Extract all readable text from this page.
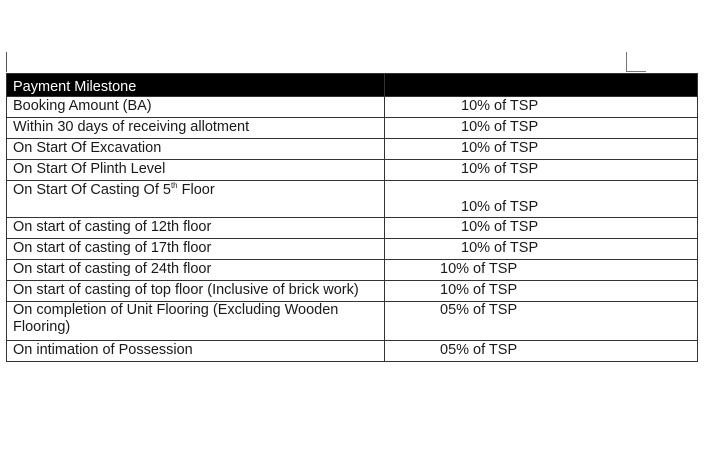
Payment Milestone	
Booking Amount (BA)	10% of TSP
Within 30 days of receiving allotment	10% of TSP
On Start Of Excavation	10% of TSP
On Start Of Plinth Level	10% of TSP
On Start Of Casting Of 5th Floor	10% of TSP
On start of casting of 12th floor	10% of TSP
On start of casting of 17th floor	10% of TSP
On start of casting of 24th floor	10% of TSP
On start of casting of top floor (Inclusive of brick work)	10% of TSP
On completion of Unit Flooring (Excluding Wooden Flooring)	05% of TSP
On intimation of Possession	05% of TSP
